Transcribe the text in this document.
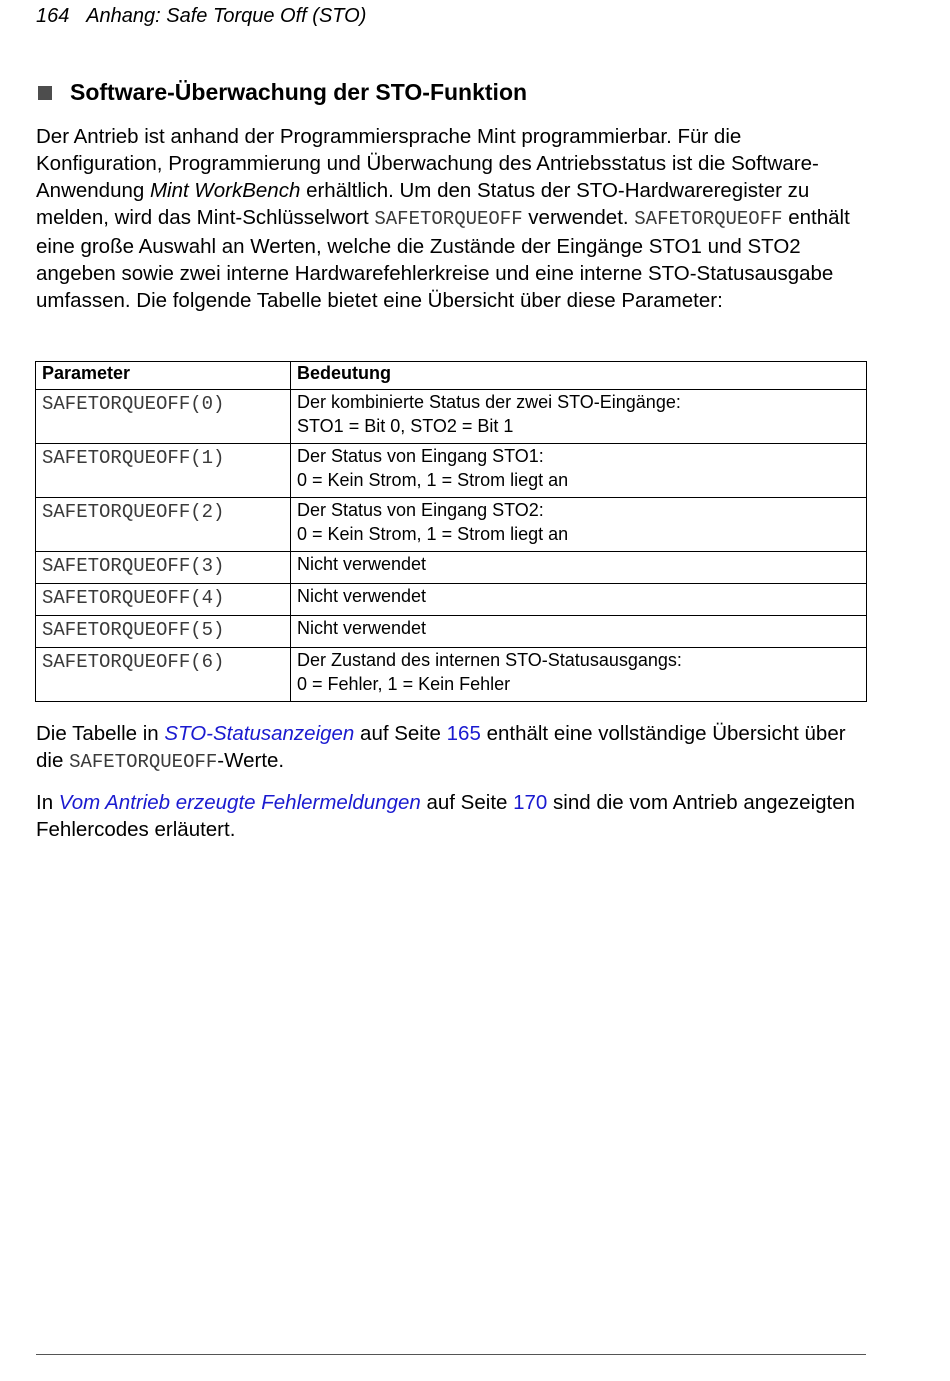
164 Anhang: Safe Torque Off (STO)
Software-Überwachung der STO-Funktion
Der Antrieb ist anhand der Programmiersprache Mint programmierbar. Für die Konfiguration, Programmierung und Überwachung des Antriebsstatus ist die Software-Anwendung Mint WorkBench erhältlich. Um den Status der STO-Hardwareregister zu melden, wird das Mint-Schlüsselwort SAFETORQUEOFF verwendet. SAFETORQUEOFF enthält eine große Auswahl an Werten, welche die Zustände der Eingänge STO1 und STO2 angeben sowie zwei interne Hardwarefehlerkreise und eine interne STO-Statusausgabe umfassen. Die folgende Tabelle bietet eine Übersicht über diese Parameter:
Parameter	Bedeutung
SAFETORQUEOFF(0)	Der kombinierte Status der zwei STO-Eingänge:
STO1 = Bit 0, STO2 = Bit 1
SAFETORQUEOFF(1)	Der Status von Eingang STO1:
0 = Kein Strom, 1 = Strom liegt an
SAFETORQUEOFF(2)	Der Status von Eingang STO2:
0 = Kein Strom, 1 = Strom liegt an
SAFETORQUEOFF(3)	Nicht verwendet
SAFETORQUEOFF(4)	Nicht verwendet
SAFETORQUEOFF(5)	Nicht verwendet
SAFETORQUEOFF(6)	Der Zustand des internen STO-Statusausgangs:
0 = Fehler, 1 = Kein Fehler
Die Tabelle in STO-Statusanzeigen auf Seite 165 enthält eine vollständige Übersicht über die SAFETORQUEOFF-Werte.
In Vom Antrieb erzeugte Fehlermeldungen auf Seite 170 sind die vom Antrieb angezeigten Fehlercodes erläutert.
